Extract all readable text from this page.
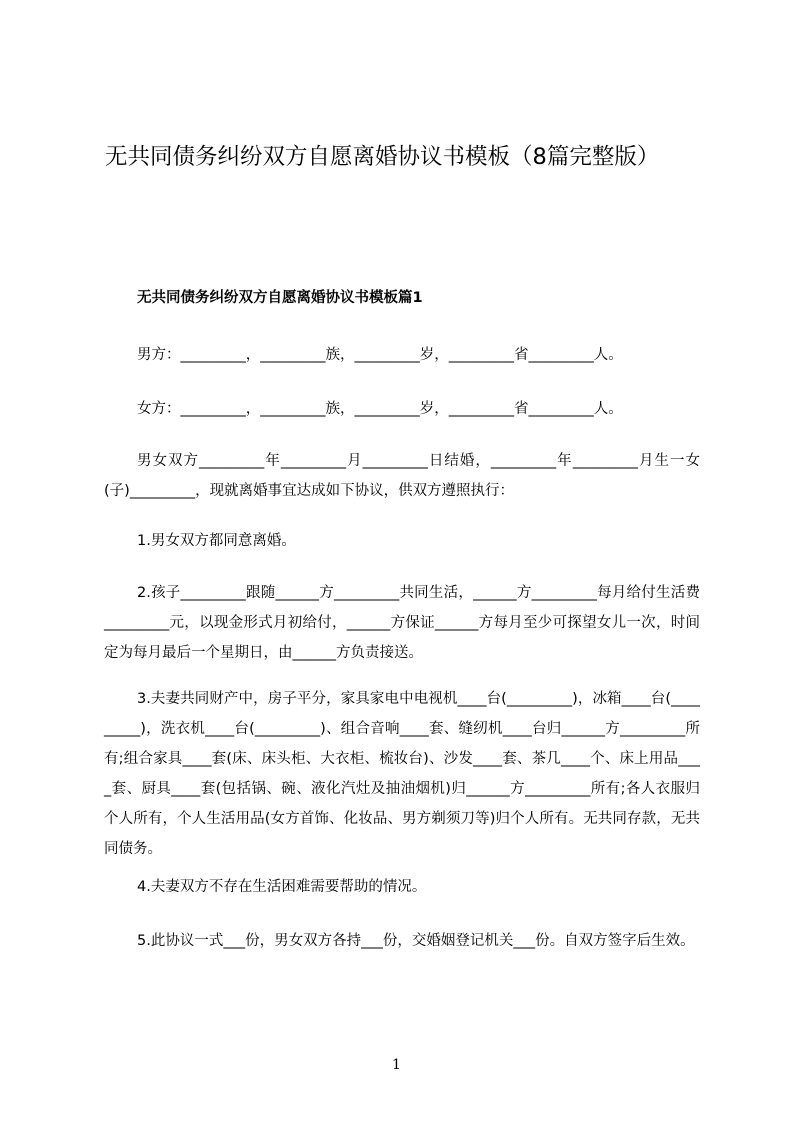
无共同债务纠纷双方自愿离婚协议书模板（8篇完整版）
无共同债务纠纷双方自愿离婚协议书模板篇1
男方：_________，_________族，_________岁，_________省_________人。
女方：_________，_________族，_________岁，_________省_________人。
男女双方_________年_________月_________日结婚，_________年_________月生一女(子)_________，现就离婚事宜达成如下协议，供双方遵照执行：
1.男女双方都同意离婚。
2.孩子_________跟随______方_________共同生活，______方_________每月给付生活费_________元，以现金形式月初给付，______方保证______方每月至少可探望女儿一次，时间定为每月最后一个星期日，由______方负责接送。
3.夫妻共同财产中，房子平分，家具家电中电视机____台(_________)，冰箱____台(_________)，洗衣机____台(_________)、组合音响____套、缝纫机____台归______方_________所有;组合家具____套(床、床头柜、大衣柜、梳妆台)、沙发____套、茶几____个、床上用品____套、厨具____套(包括锅、碗、液化汽灶及抽油烟机)归______方_________所有;各人衣服归个人所有，个人生活用品(女方首饰、化妆品、男方剃须刀等)归个人所有。无共同存款，无共同债务。
4.夫妻双方不存在生活困难需要帮助的情况。
5.此协议一式___份，男女双方各持___份，交婚姻登记机关___份。自双方签字后生效。
1
